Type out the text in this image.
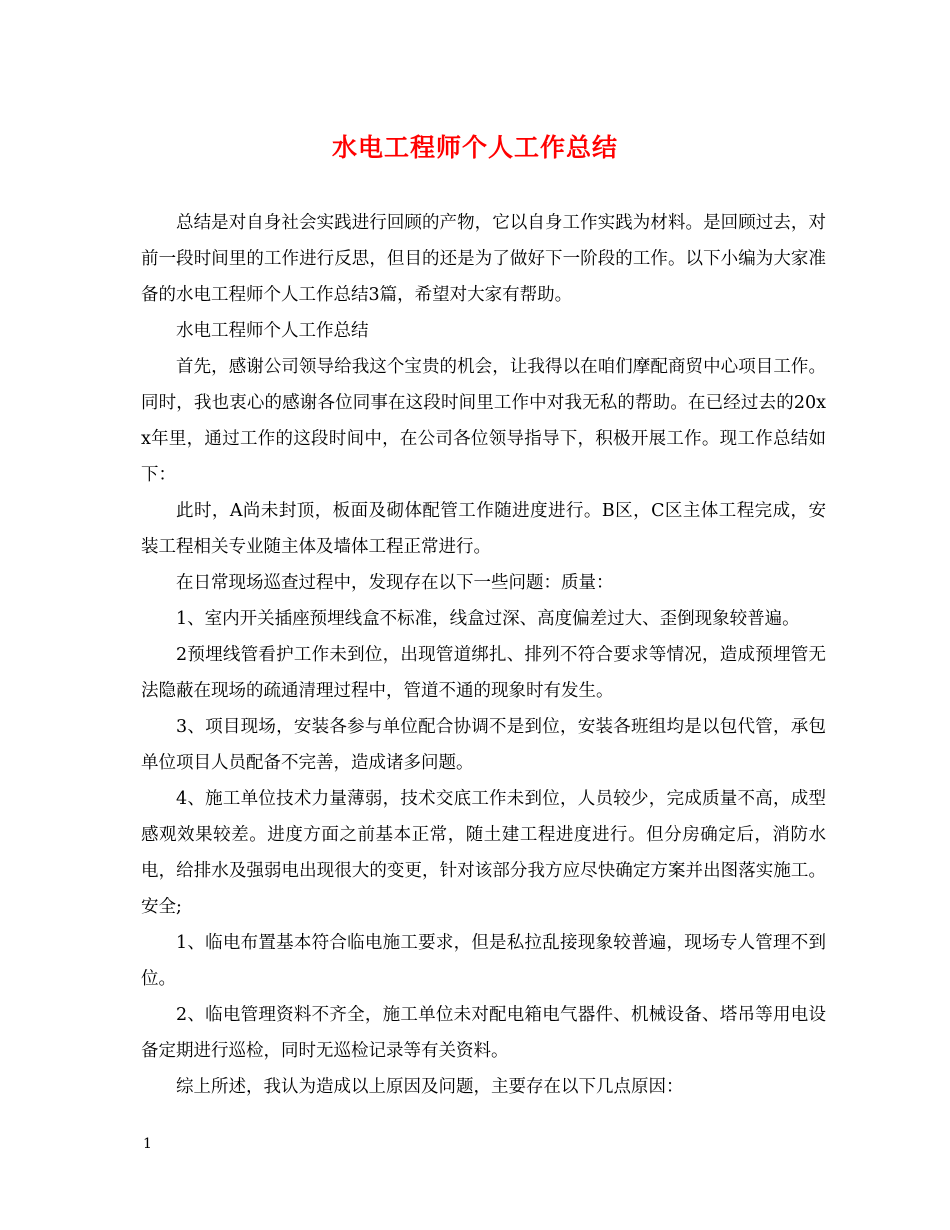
水电工程师个人工作总结

总结是对自身社会实践进行回顾的产物，它以自身工作实践为材料。是回顾过去，对前一段时间里的工作进行反思，但目的还是为了做好下一阶段的工作。以下小编为大家准备的水电工程师个人工作总结3篇，希望对大家有帮助。

水电工程师个人工作总结

首先，感谢公司领导给我这个宝贵的机会，让我得以在咱们摩配商贸中心项目工作。同时，我也衷心的感谢各位同事在这段时间里工作中对我无私的帮助。在已经过去的20xx年里，通过工作的这段时间中，在公司各位领导指导下，积极开展工作。现工作总结如下：

此时，A尚未封顶，板面及砌体配管工作随进度进行。B区，C区主体工程完成，安装工程相关专业随主体及墙体工程正常进行。

在日常现场巡查过程中，发现存在以下一些问题：质量：

1、室内开关插座预埋线盒不标准，线盒过深、高度偏差过大、歪倒现象较普遍。

2预埋线管看护工作未到位，出现管道绑扎、排列不符合要求等情况，造成预埋管无法隐蔽在现场的疏通清理过程中，管道不通的现象时有发生。

3、项目现场，安装各参与单位配合协调不是到位，安装各班组均是以包代管，承包单位项目人员配备不完善，造成诸多问题。

4、施工单位技术力量薄弱，技术交底工作未到位，人员较少，完成质量不高，成型感观效果较差。进度方面之前基本正常，随土建工程进度进行。但分房确定后，消防水电，给排水及强弱电出现很大的变更，针对该部分我方应尽快确定方案并出图落实施工。安全;

1、临电布置基本符合临电施工要求，但是私拉乱接现象较普遍，现场专人管理不到位。

2、临电管理资料不齐全，施工单位未对配电箱电气器件、机械设备、塔吊等用电设备定期进行巡检，同时无巡检记录等有关资料。

综上所述，我认为造成以上原因及问题，主要存在以下几点原因：

1
